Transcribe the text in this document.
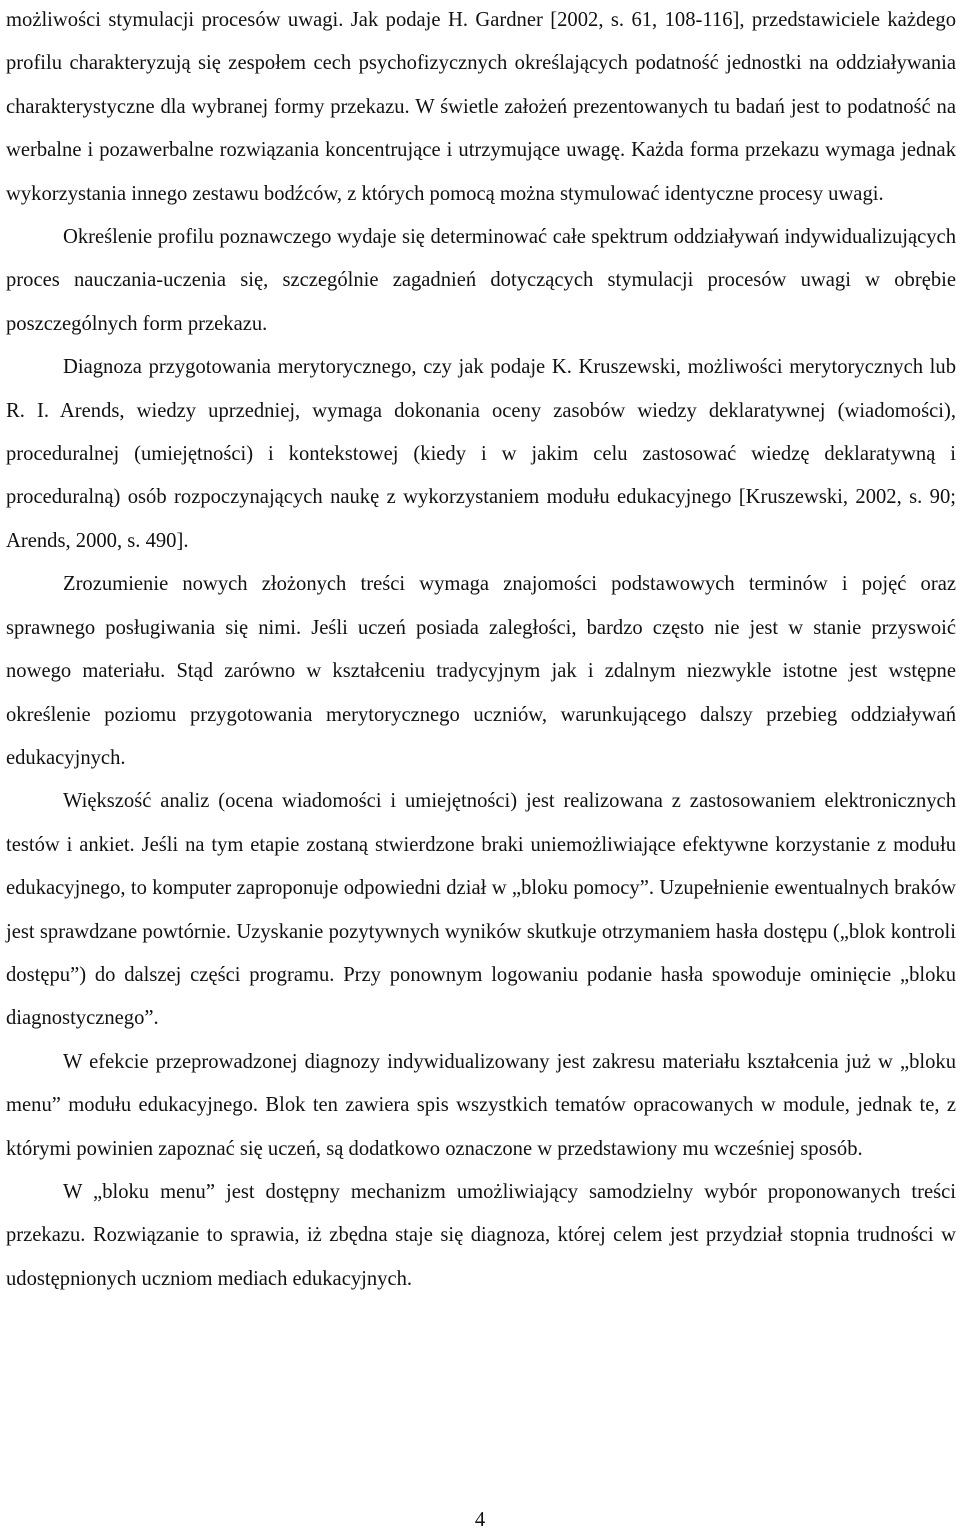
możliwości stymulacji procesów uwagi. Jak podaje H. Gardner [2002, s. 61, 108-116], przedstawiciele każdego profilu charakteryzują się zespołem cech psychofizycznych określających podatność jednostki na oddziaływania charakterystyczne dla wybranej formy przekazu. W świetle założeń prezentowanych tu badań jest to podatność na werbalne i pozawerbalne rozwiązania koncentrujące i utrzymujące uwagę. Każda forma przekazu wymaga jednak wykorzystania innego zestawu bodźców, z których pomocą można stymulować identyczne procesy uwagi.

Określenie profilu poznawczego wydaje się determinować całe spektrum oddziaływań indywidualizujących proces nauczania-uczenia się, szczególnie zagadnień dotyczących stymulacji procesów uwagi w obrębie poszczególnych form przekazu.

Diagnoza przygotowania merytorycznego, czy jak podaje K. Kruszewski, możliwości merytorycznych lub R. I. Arends, wiedzy uprzedniej, wymaga dokonania oceny zasobów wiedzy deklaratywnej (wiadomości), proceduralnej (umiejętności) i kontekstowej (kiedy i w jakim celu zastosować wiedzę deklaratywną i proceduralną) osób rozpoczynających naukę z wykorzystaniem modułu edukacyjnego [Kruszewski, 2002, s. 90; Arends, 2000, s. 490].

Zrozumienie nowych złożonych treści wymaga znajomości podstawowych terminów i pojęć oraz sprawnego posługiwania się nimi. Jeśli uczeń posiada zaległości, bardzo często nie jest w stanie przyswoić nowego materiału. Stąd zarówno w kształceniu tradycyjnym jak i zdalnym niezwykle istotne jest wstępne określenie poziomu przygotowania merytorycznego uczniów, warunkującego dalszy przebieg oddziaływań edukacyjnych.

Większość analiz (ocena wiadomości i umiejętności) jest realizowana z zastosowaniem elektronicznych testów i ankiet. Jeśli na tym etapie zostaną stwierdzone braki uniemożliwiające efektywne korzystanie z modułu edukacyjnego, to komputer zaproponuje odpowiedni dział w „bloku pomocy”. Uzupełnienie ewentualnych braków jest sprawdzane powtórnie. Uzyskanie pozytywnych wyników skutkuje otrzymaniem hasła dostępu („blok kontroli dostępu”) do dalszej części programu. Przy ponownym logowaniu podanie hasła spowoduje ominięcie „bloku diagnostycznego”.

W efekcie przeprowadzonej diagnozy indywidualizowany jest zakresu materiału kształcenia już w „bloku menu” modułu edukacyjnego. Blok ten zawiera spis wszystkich tematów opracowanych w module, jednak te, z którymi powinien zapoznać się uczeń, są dodatkowo oznaczone w przedstawiony mu wcześniej sposób.

W „bloku menu” jest dostępny mechanizm umożliwiający samodzielny wybór proponowanych treści przekazu. Rozwiązanie to sprawia, iż zbędna staje się diagnoza, której celem jest przydział stopnia trudności w udostępnionych uczniom mediach edukacyjnych.

4
